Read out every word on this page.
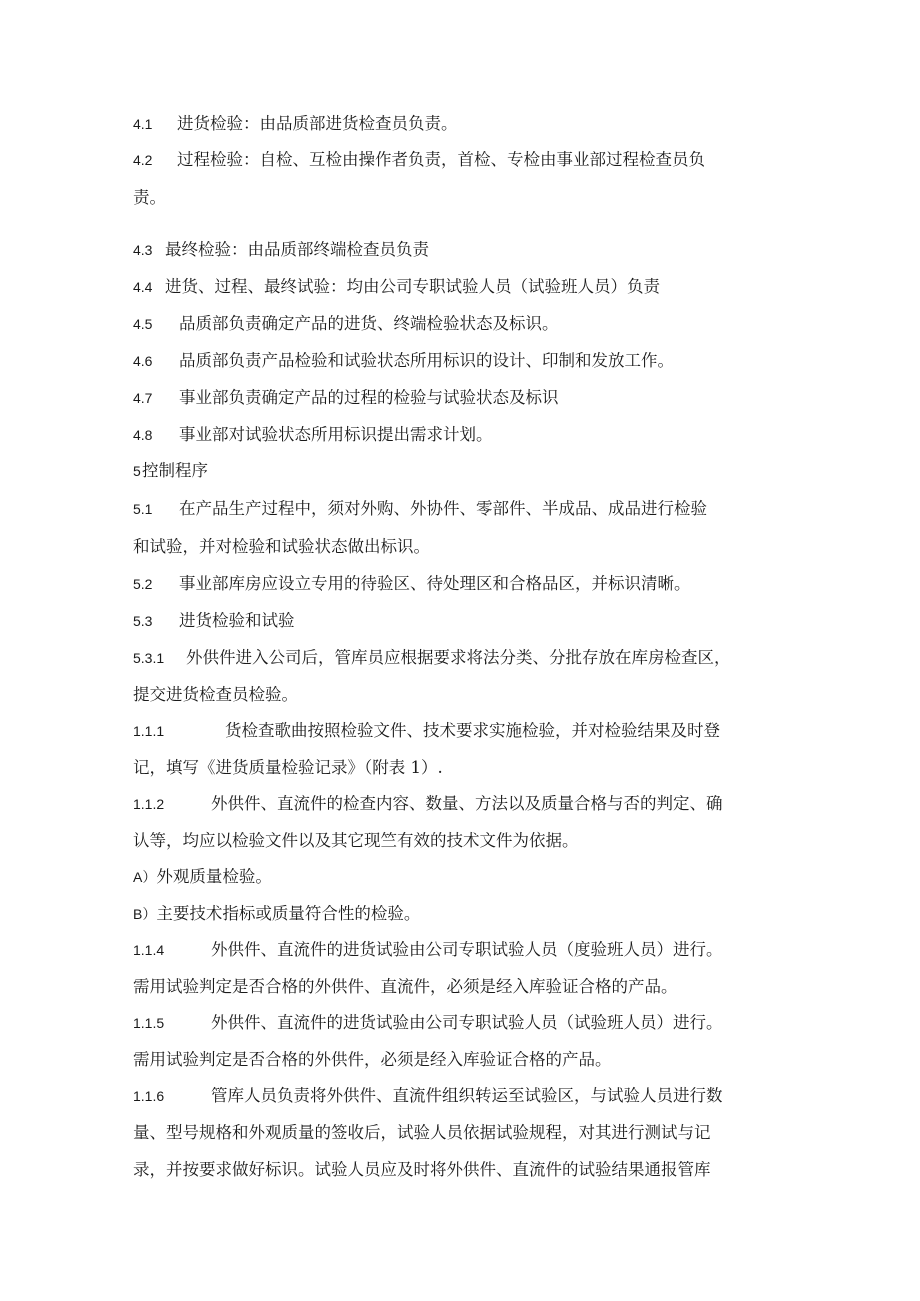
4.1 进货检验：由品质部进货检查员负责。

4.2 过程检验：自检、互检由操作者负责，首检、专检由事业部过程检查员负

责。

4.3 最终检验：由品质部终端检查员负责

4.4 进货、过程、最终试验：均由公司专职试验人员（试验班人员）负责

4.5 品质部负责确定产品的进货、终端检验状态及标识。

4.6 品质部负责产品检验和试验状态所用标识的设计、印制和发放工作。

4.7 事业部负责确定产品的过程的检验与试验状态及标识

4.8 事业部对试验状态所用标识提出需求计划。

5控制程序

5.1 在产品生产过程中，须对外购、外协件、零部件、半成品、成品进行检验

和试验，并对检验和试验状态做出标识。

5.2 事业部库房应设立专用的待验区、待处理区和合格品区，并标识清晰。

5.3 进货检验和试验

5.3.1 外供件进入公司后，管库员应根据要求将法分类、分批存放在库房检查区，

提交进货检查员检验。

1.1.1	货检查歌曲按照检验文件、技术要求实施检验，并对检验结果及时登

记，填写《进货质量检验记录》（附表 1）.

1.1.2	外供件、直流件的检查内容、数量、方法以及质量合格与否的判定、确

认等，均应以检验文件以及其它现竺有效的技术文件为依据。

A）外观质量检验。

B）主要技术指标或质量符合性的检验。

1.1.4	外供件、直流件的进货试验由公司专职试验人员（度验班人员）进行。

需用试验判定是否合格的外供件、直流件，必须是经入库验证合格的产品。

1.1.5	外供件、直流件的进货试验由公司专职试验人员（试验班人员）进行。

需用试验判定是否合格的外供件，必须是经入库验证合格的产品。

1.1.6	管库人员负责将外供件、直流件组织转运至试验区，与试验人员进行数

量、型号规格和外观质量的签收后，试验人员依据试验规程，对其进行测试与记

录，并按要求做好标识。试验人员应及时将外供件、直流件的试验结果通报管库
